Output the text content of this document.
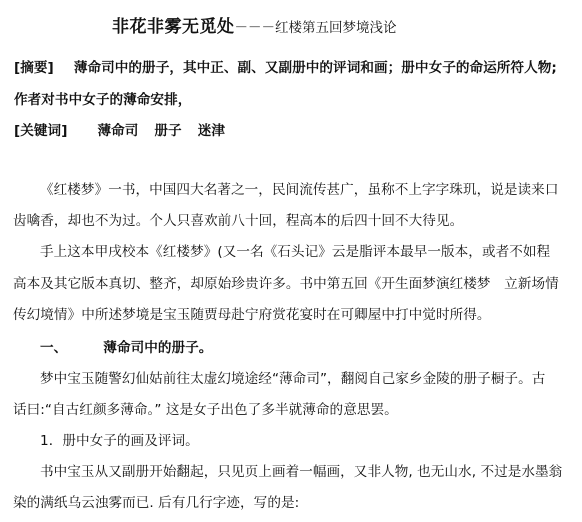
非花非雾无觅处－－－红楼第五回梦境浅论
[摘要] 薄命司中的册子，其中正、副、又副册中的评词和画；册中女子的命运所符人物;
作者对书中女子的薄命安排，
[关键词] 薄命司 册子 迷津
《红楼梦》一书，中国四大名著之一，民间流传甚广，虽称不上字字珠玑，说是读来口
齿噙香，却也不为过。个人只喜欢前八十回，程高本的后四十回不大待见。
手上这本甲戌校本《红楼梦》(又一名《石头记》云是脂评本最早一版本，或者不如程
高本及其它版本真切、整齐，却原始珍贵许多。书中第五回《开生面梦演红楼梦　立新场情
传幻境情》中所述梦境是宝玉随贾母赴宁府赏花宴时在可卿屋中打中觉时所得。
一、	薄命司中的册子。
梦中宝玉随警幻仙姑前往太虚幻境途经“薄命司”，翻阅自己家乡金陵的册子橱子。古
话曰:“自古红颜多薄命。” 这是女子出色了多半就薄命的意思罢。
1．册中女子的画及评词。
书中宝玉从又副册开始翻起，只见页上画着一幅画，又非人物, 也无山水, 不过是水墨翁
染的满纸乌云浊雾而已. 后有几行字迹，写的是:
